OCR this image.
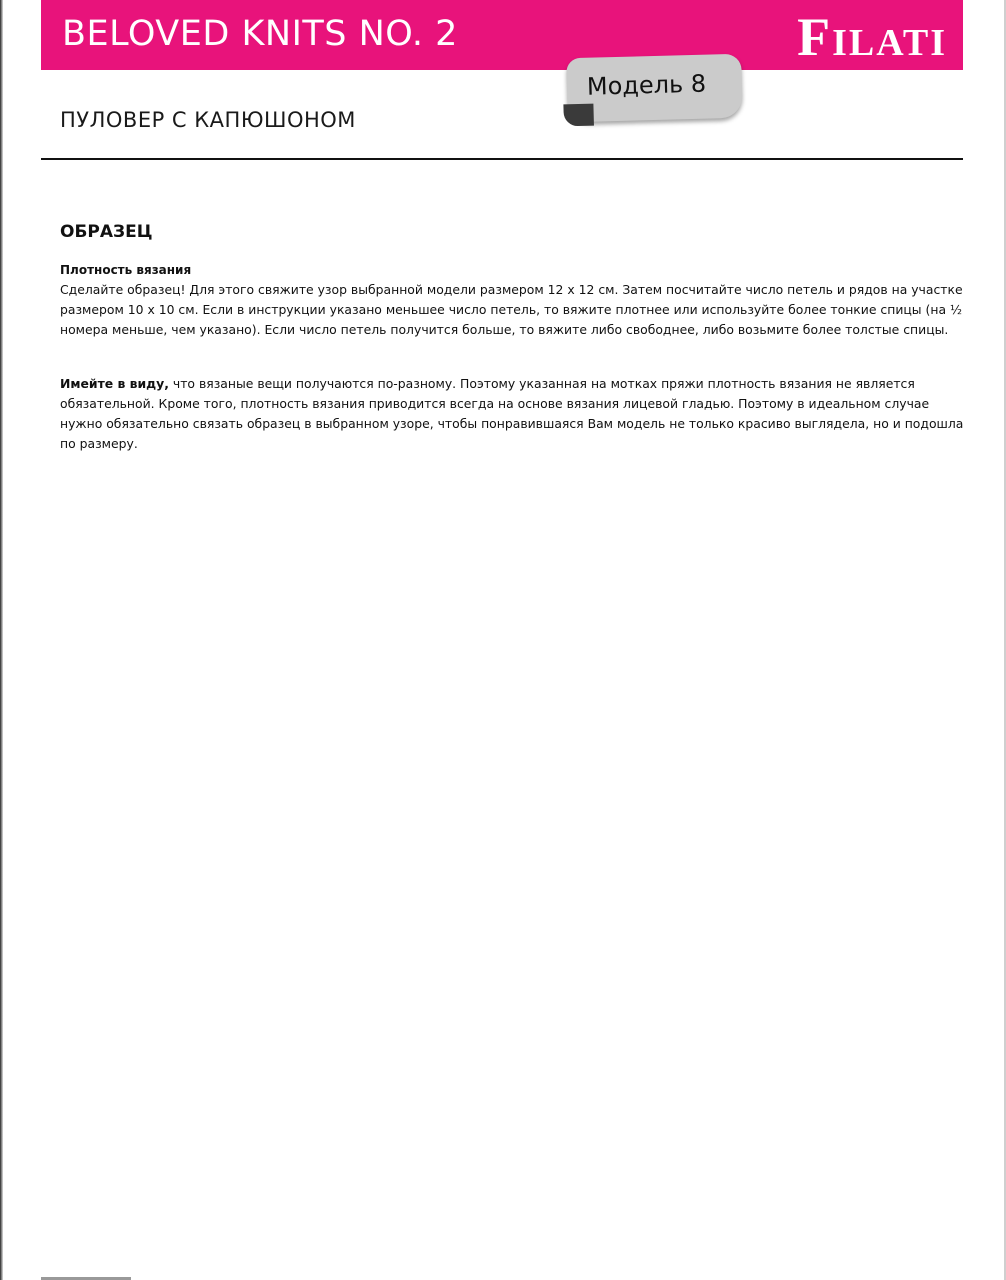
BELOVED KNITS NO. 2	Filati
Модель 8
ПУЛОВЕР С КАПЮШОНОМ
ОБРАЗЕЦ
Плотность вязания

Сделайте образец! Для этого свяжите узор выбранной модели размером 12 x 12 см. Затем посчитайте число петель и рядов на участке размером 10 x 10 см. Если в инструкции указано меньшее число петель, то вяжите плотнее или используйте более тонкие спицы (на ½ номера меньше, чем указано). Если число петель получится больше, то вяжите либо свободнее, либо возьмите более толстые спицы.

Имейте в виду, что вязаные вещи получаются по-разному. Поэтому указанная на мотках пряжи плотность вязания не является обязательной. Кроме того, плотность вязания приводится всегда на основе вязания лицевой гладью. Поэтому в идеальном случае нужно обязательно связать образец в выбранном узоре, чтобы понравившаяся Вам модель не только красиво выглядела, но и подошла по размеру.
